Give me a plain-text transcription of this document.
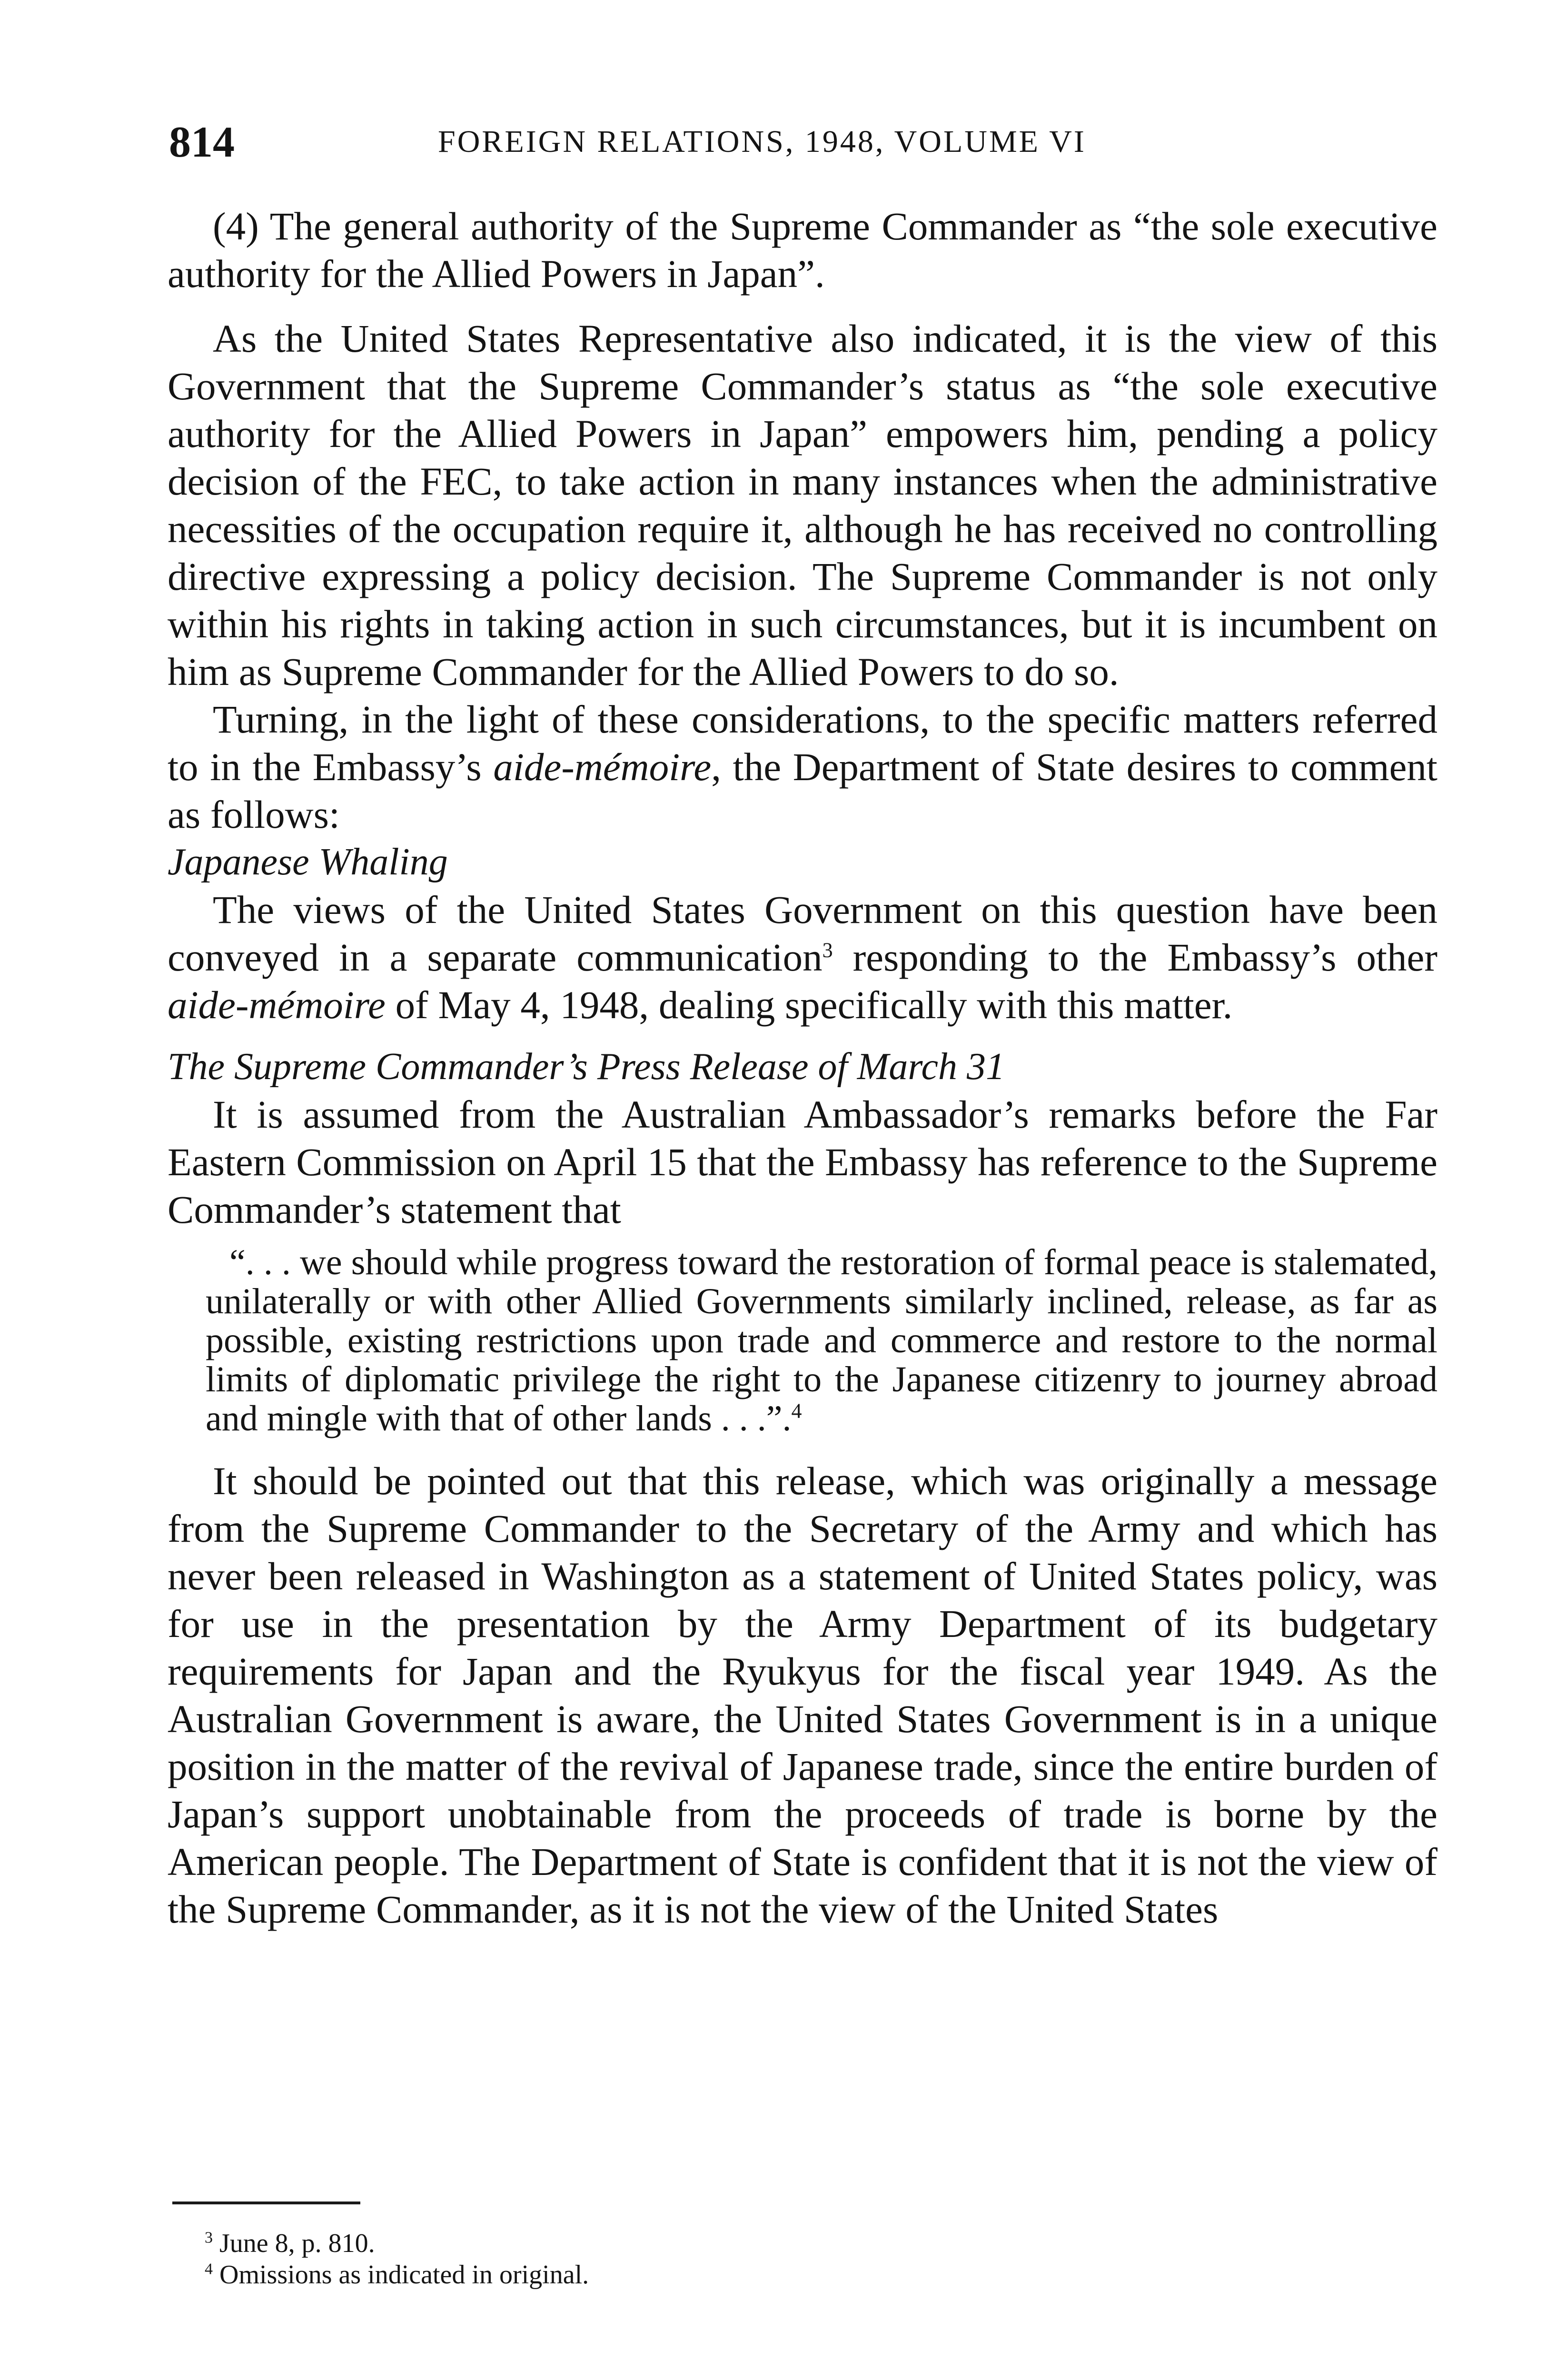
814	FOREIGN RELATIONS, 1948, VOLUME VI

(4) The general authority of the Supreme Commander as “the sole executive authority for the Allied Powers in Japan”.

As the United States Representative also indicated, it is the view of this Government that the Supreme Commander’s status as “the sole executive authority for the Allied Powers in Japan” empowers him, pending a policy decision of the FEC, to take action in many instances when the administrative necessities of the occupation require it, although he has received no controlling directive expressing a policy decision. The Supreme Commander is not only within his rights in taking action in such circumstances, but it is incumbent on him as Supreme Commander for the Allied Powers to do so.

Turning, in the light of these considerations, to the specific matters referred to in the Embassy’s aide-mémoire, the Department of State desires to comment as follows:

Japanese Whaling

The views of the United States Government on this question have been conveyed in a separate communication$^3$ responding to the Embassy’s other aide-mémoire of May 4, 1948, dealing specifically with this matter.

The Supreme Commander’s Press Release of March 31

It is assumed from the Australian Ambassador’s remarks before the Far Eastern Commission on April 15 that the Embassy has reference to the Supreme Commander’s statement that

“. . . we should while progress toward the restoration of formal peace is stalemated, unilaterally or with other Allied Governments similarly inclined, release, as far as possible, existing restrictions upon trade and commerce and restore to the normal limits of diplomatic privilege the right to the Japanese citizenry to journey abroad and mingle with that of other lands . . .”.$^4$

It should be pointed out that this release, which was originally a message from the Supreme Commander to the Secretary of the Army and which has never been released in Washington as a statement of United States policy, was for use in the presentation by the Army Department of its budgetary requirements for Japan and the Ryukyus for the fiscal year 1949. As the Australian Government is aware, the United States Government is in a unique position in the matter of the revival of Japanese trade, since the entire burden of Japan’s support unobtainable from the proceeds of trade is borne by the American people. The Department of State is confident that it is not the view of the Supreme Commander, as it is not the view of the United States

$^3$ June 8, p. 810.
$^4$ Omissions as indicated in original.
